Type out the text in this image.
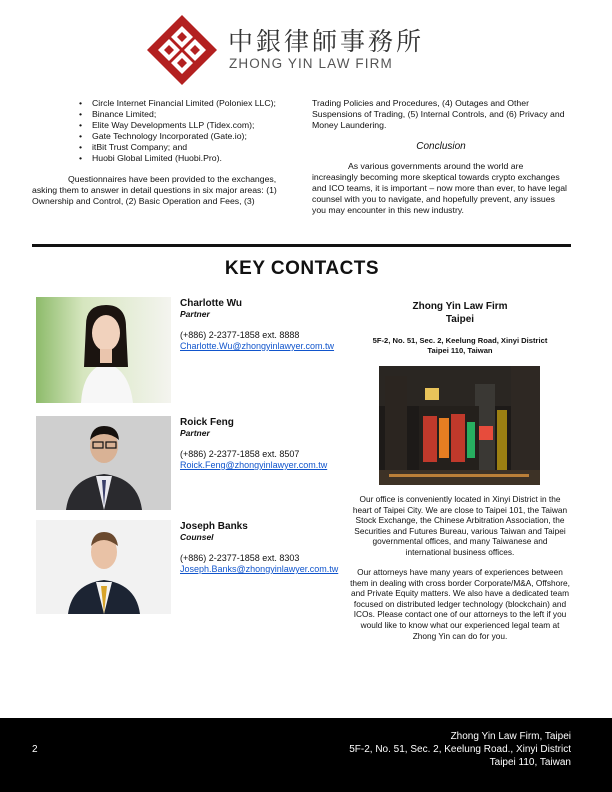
中銀律師事務所
ZHONG YIN LAW FIRM
• Circle Internet Financial Limited (Poloniex LLC);
• Binance Limited;
• Elite Way Developments LLP (Tidex.com);
• Gate Technology Incorporated (Gate.io);
• itBit Trust Company; and
• Huobi Global Limited (Huobi.Pro).

Questionnaires have been provided to the exchanges, asking them to answer in detail questions in six major areas: (1) Ownership and Control, (2) Basic Operation and Fees, (3)

Trading Policies and Procedures, (4) Outages and Other Suspensions of Trading, (5) Internal Controls, and (6) Privacy and Money Laundering.

Conclusion

As various governments around the world are increasingly becoming more skeptical towards crypto exchanges and ICO teams, it is important – now more than ever, to have legal counsel with you to navigate, and hopefully prevent, any issues you may encounter in this new industry.

KEY CONTACTS
Charlotte Wu
Partner
(+886) 2-2377-1858 ext. 8888
Charlotte.Wu@zhongyinlawyer.com.tw
Roick Feng
Partner
(+886) 2-2377-1858 ext. 8507
Roick.Feng@zhongyinlawyer.com.tw
Joseph Banks
Counsel
(+886) 2-2377-1858 ext. 8303
Joseph.Banks@zhongyinlawyer.com.tw
Zhong Yin Law Firm
Taipei
5F-2, No. 51, Sec. 2, Keelung Road, Xinyi District
Taipei 110, Taiwan
Our office is conveniently located in Xinyi District in the heart of Taipei City. We are close to Taipei 101, the Taiwan Stock Exchange, the Chinese Arbitration Association, the Securities and Futures Bureau, various Taiwan and Taipei governmental offices, and many Taiwanese and international business offices.
Our attorneys have many years of experiences between them in dealing with cross border Corporate/M&A, Offshore, and Private Equity matters. We also have a dedicated team focused on distributed ledger technology (blockchain) and ICOs. Please contact one of our attorneys to the left if you would like to know what our experienced legal team at Zhong Yin can do for you.
2
Zhong Yin Law Firm, Taipei
5F-2, No. 51, Sec. 2, Keelung Road., Xinyi District
Taipei 110, Taiwan
